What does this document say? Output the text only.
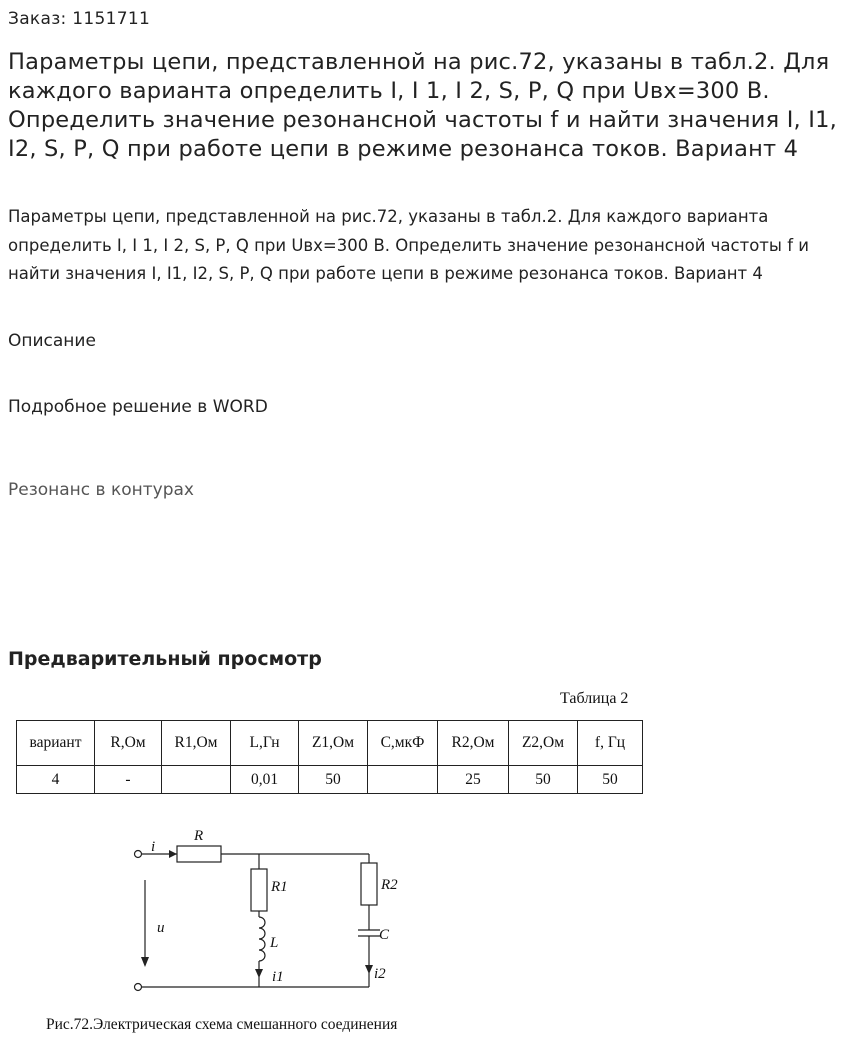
Заказ: 1151711
Параметры цепи, представленной на рис.72, указаны в табл.2. Для каждого варианта определить I, I 1, I 2, S, P, Q при Uвх=300 В. Определить значение резонансной частоты f и найти значения I, I1, I2, S, P, Q при работе цепи в режиме резонанса токов. Вариант 4

Параметры цепи, представленной на рис.72, указаны в табл.2. Для каждого варианта определить I, I 1, I 2, S, P, Q при Uвх=300 В. Определить значение резонансной частоты f и найти значения I, I1, I2, S, P, Q при работе цепи в режиме резонанса токов. Вариант 4

Описание
Подробное решение в WORD
Резонанс в контурах
Предварительный просмотр
Таблица 2
вариант	R,Ом	R1,Ом	L,Гн	Z1,Ом	C,мкФ	R2,Ом	Z2,Ом	f, Гц
4	-		0,01	50		25	50	50
i
R
R1	R2
L	C
u
i1	i2
Рис.72.Электрическая схема смешанного соединения
